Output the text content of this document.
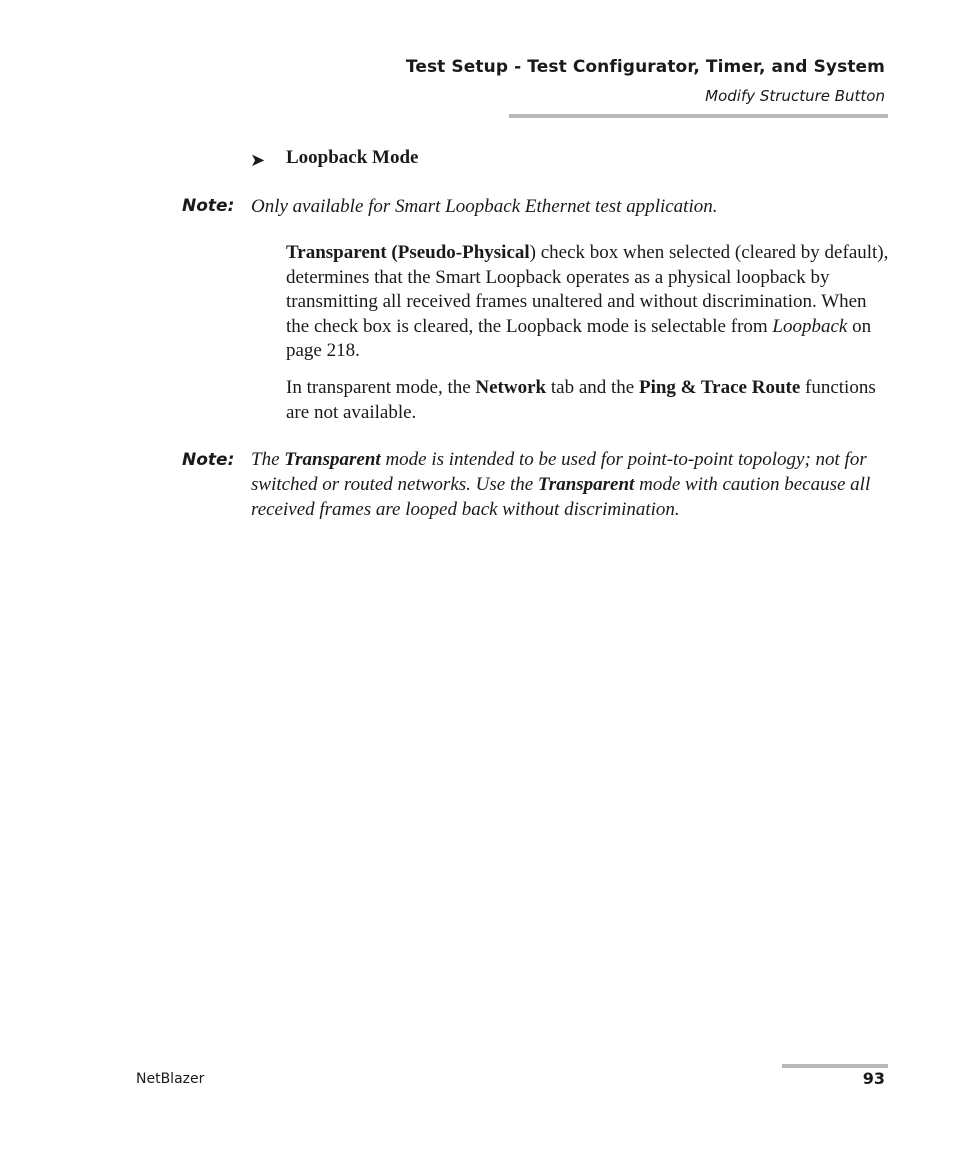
Test Setup - Test Configurator, Timer, and System
Modify Structure Button
➤ Loopback Mode
Note: Only available for Smart Loopback Ethernet test application.
Transparent (Pseudo-Physical) check box when selected (cleared by default), determines that the Smart Loopback operates as a physical loopback by transmitting all received frames unaltered and without discrimination. When the check box is cleared, the Loopback mode is selectable from Loopback on page 218.
In transparent mode, the Network tab and the Ping & Trace Route functions are not available.
Note: The Transparent mode is intended to be used for point-to-point topology; not for switched or routed networks. Use the Transparent mode with caution because all received frames are looped back without discrimination.
NetBlazer	93
